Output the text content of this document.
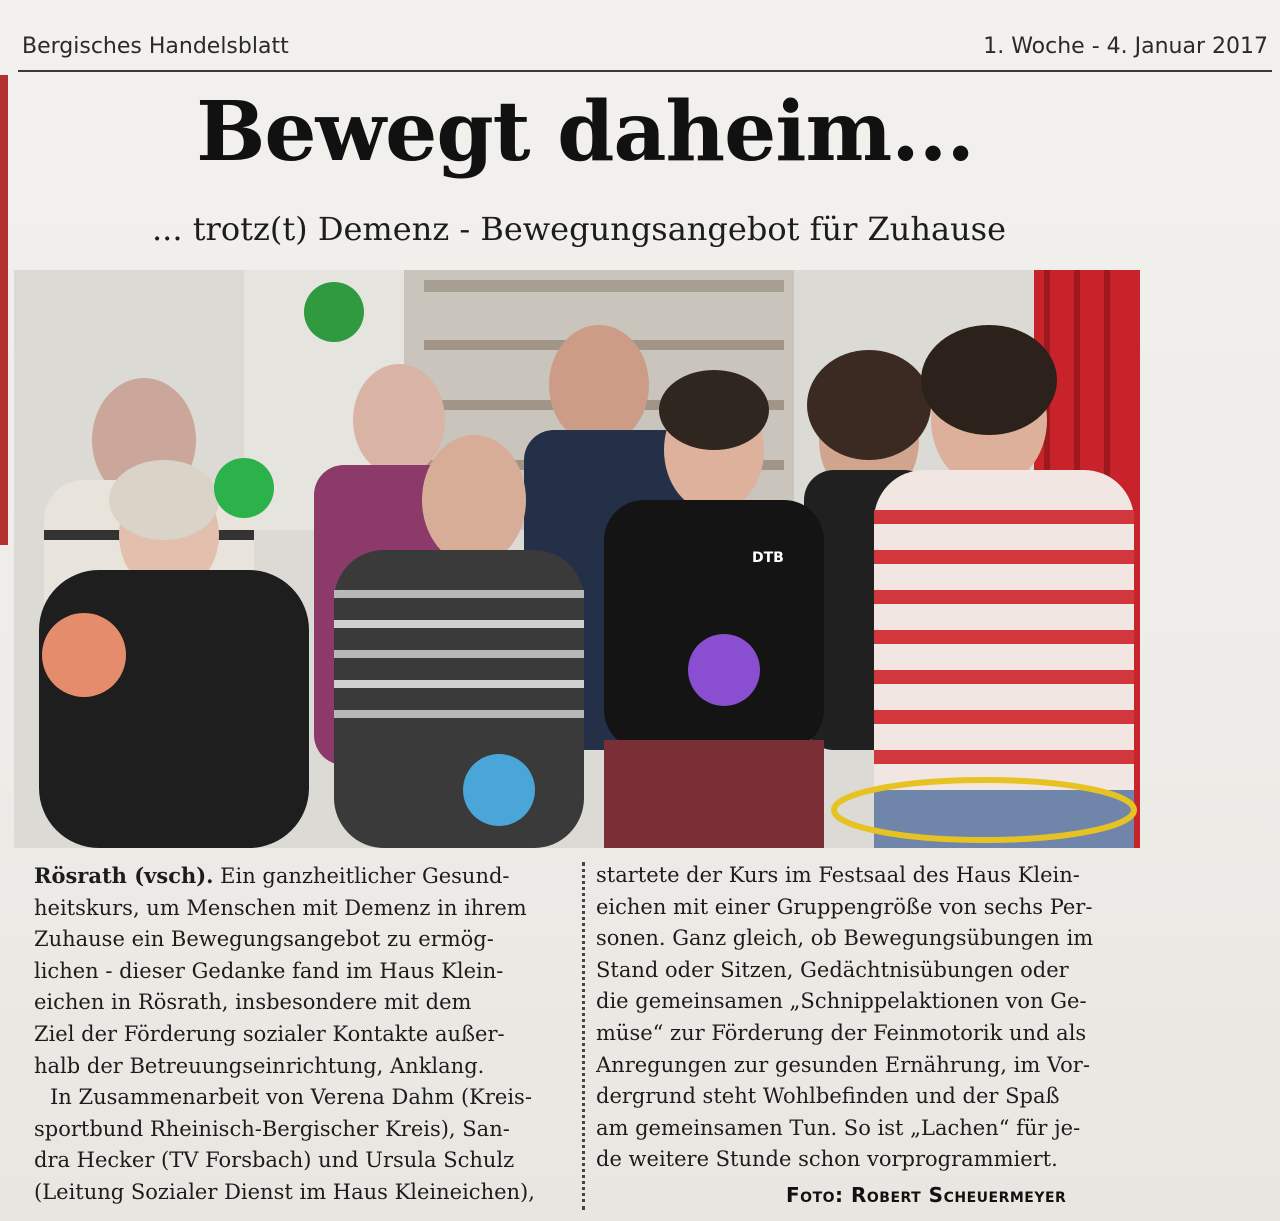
Bergisches Handelsblatt	1. Woche - 4. Januar 2017
Bewegt daheim...
... trotz(t) Demenz - Bewegungsangebot für Zuhause
DTB
Rösrath (vsch). Ein ganzheitlicher Gesund-
heitskurs, um Menschen mit Demenz in ihrem
Zuhause ein Bewegungsangebot zu ermög-
lichen - dieser Gedanke fand im Haus Klein-
eichen in Rösrath, insbesondere mit dem
Ziel der Förderung sozialer Kontakte außer-
halb der Betreuungseinrichtung, Anklang.
In Zusammenarbeit von Verena Dahm (Kreis-
sportbund Rheinisch-Bergischer Kreis), San-
dra Hecker (TV Forsbach) und Ursula Schulz
(Leitung Sozialer Dienst im Haus Kleineichen),
startete der Kurs im Festsaal des Haus Klein-
eichen mit einer Gruppengröße von sechs Per-
sonen. Ganz gleich, ob Bewegungsübungen im
Stand oder Sitzen, Gedächtnisübungen oder
die gemeinsamen „Schnippelaktionen von Ge-
müse“ zur Förderung der Feinmotorik und als
Anregungen zur gesunden Ernährung, im Vor-
dergrund steht Wohlbefinden und der Spaß
am gemeinsamen Tun. So ist „Lachen“ für je-
de weitere Stunde schon vorprogrammiert.
Foto: Robert Scheuermeyer
